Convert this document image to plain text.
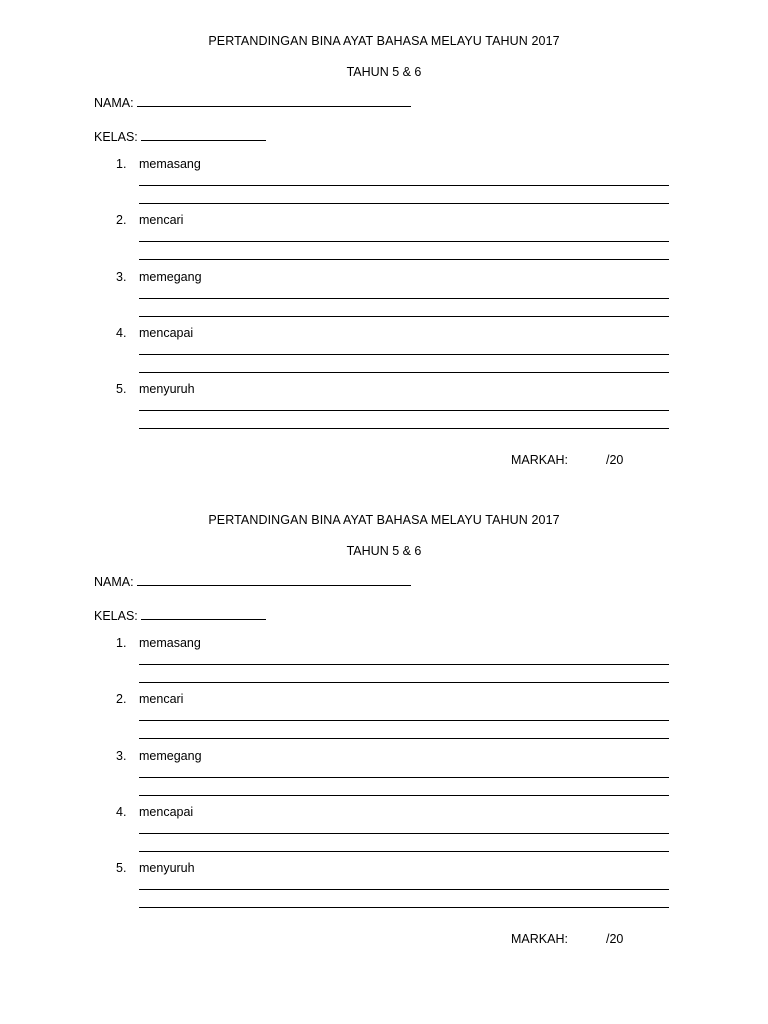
PERTANDINGAN BINA AYAT BAHASA MELAYU TAHUN 2017
TAHUN 5 & 6
NAMA:
KELAS:
1. memasang
2. mencari
3. memegang
4. mencapai
5. menyuruh
MARKAH:	/20
PERTANDINGAN BINA AYAT BAHASA MELAYU TAHUN 2017
TAHUN 5 & 6
NAMA:
KELAS:
1. memasang
2. mencari
3. memegang
4. mencapai
5. menyuruh
MARKAH:	/20
